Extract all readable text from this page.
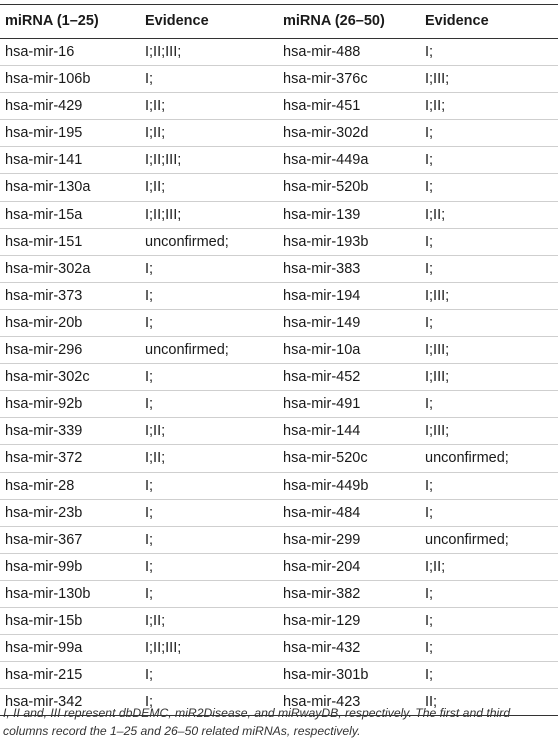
miRNA (1–25)	Evidence	miRNA (26–50)	Evidence
hsa-mir-16	I;II;III;	hsa-mir-488	I;
hsa-mir-106b	I;	hsa-mir-376c	I;III;
hsa-mir-429	I;II;	hsa-mir-451	I;II;
hsa-mir-195	I;II;	hsa-mir-302d	I;
hsa-mir-141	I;II;III;	hsa-mir-449a	I;
hsa-mir-130a	I;II;	hsa-mir-520b	I;
hsa-mir-15a	I;II;III;	hsa-mir-139	I;II;
hsa-mir-151	unconfirmed;	hsa-mir-193b	I;
hsa-mir-302a	I;	hsa-mir-383	I;
hsa-mir-373	I;	hsa-mir-194	I;III;
hsa-mir-20b	I;	hsa-mir-149	I;
hsa-mir-296	unconfirmed;	hsa-mir-10a	I;III;
hsa-mir-302c	I;	hsa-mir-452	I;III;
hsa-mir-92b	I;	hsa-mir-491	I;
hsa-mir-339	I;II;	hsa-mir-144	I;III;
hsa-mir-372	I;II;	hsa-mir-520c	unconfirmed;
hsa-mir-28	I;	hsa-mir-449b	I;
hsa-mir-23b	I;	hsa-mir-484	I;
hsa-mir-367	I;	hsa-mir-299	unconfirmed;
hsa-mir-99b	I;	hsa-mir-204	I;II;
hsa-mir-130b	I;	hsa-mir-382	I;
hsa-mir-15b	I;II;	hsa-mir-129	I;
hsa-mir-99a	I;II;III;	hsa-mir-432	I;
hsa-mir-215	I;	hsa-mir-301b	I;
hsa-mir-342	I;	hsa-mir-423	II;
I, II and, III represent dbDEMC, miR2Disease, and miRwayDB, respectively. The first and third columns record the 1–25 and 26–50 related miRNAs, respectively.
